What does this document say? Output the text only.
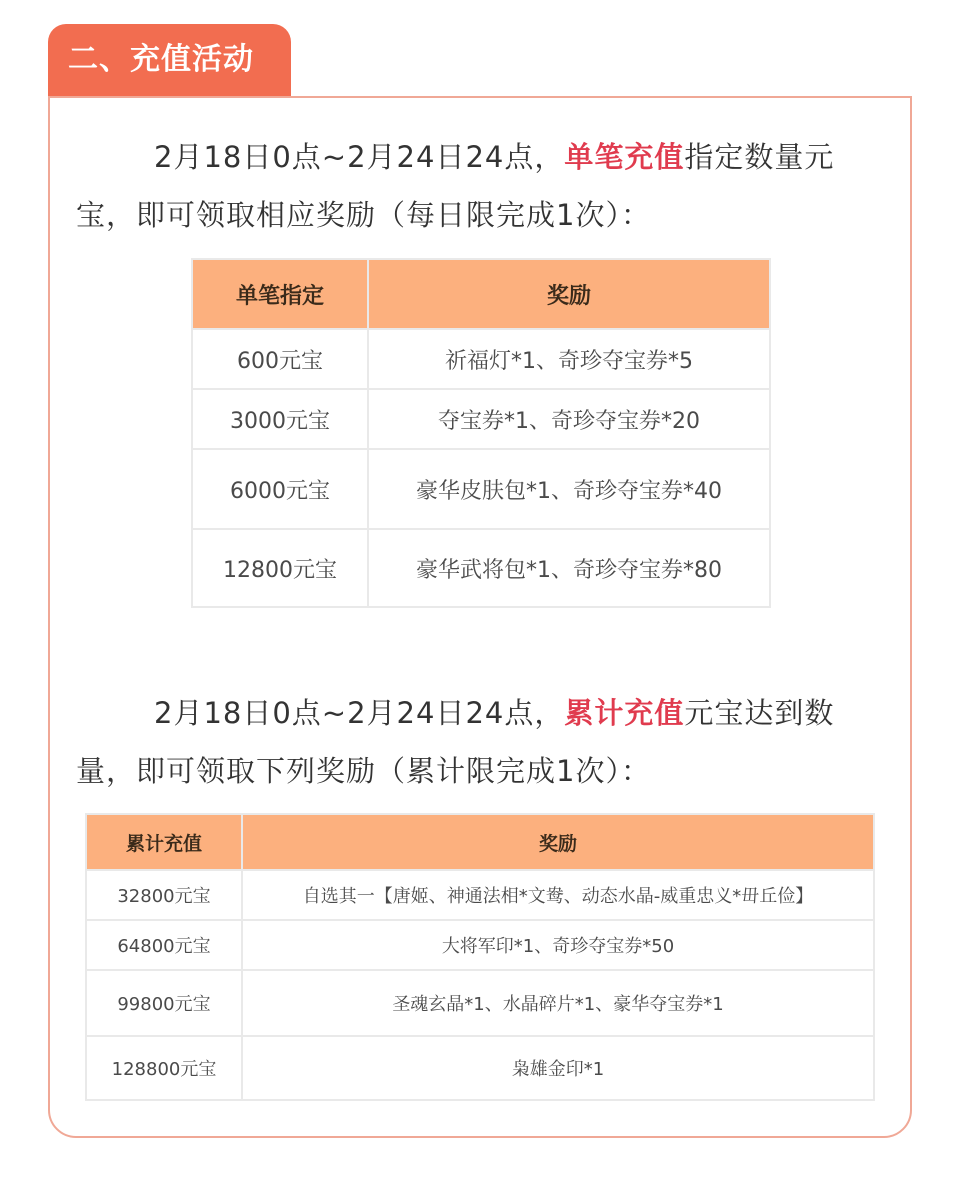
二、充值活动

2月18日0点~2月24日24点，单笔充值指定数量元宝，即可领取相应奖励（每日限完成1次）：

单笔指定	奖励
600元宝	祈福灯*1、奇珍夺宝券*5
3000元宝	夺宝券*1、奇珍夺宝券*20
6000元宝	豪华皮肤包*1、奇珍夺宝券*40
12800元宝	豪华武将包*1、奇珍夺宝券*80

2月18日0点~2月24日24点，累计充值元宝达到数量，即可领取下列奖励（累计限完成1次）：

累计充值	奖励
32800元宝	自选其一【唐姬、神通法相*文鸯、动态水晶-威重忠义*毌丘俭】
64800元宝	大将军印*1、奇珍夺宝券*50
99800元宝	圣魂玄晶*1、水晶碎片*1、豪华夺宝券*1
128800元宝	枭雄金印*1
